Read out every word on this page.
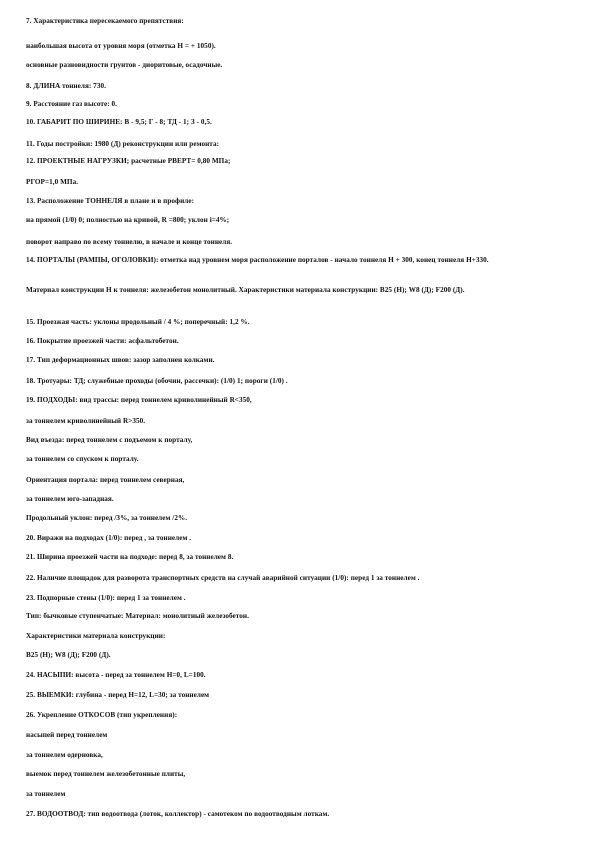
7. Характеристика пересекаемого препятствия:
наибольшая высота от уровня моря (отметка Н = + 1050).
основные разновидности грунтов - диоритовые, осадочные.
8. ДЛИНА тоннеля: 730.
9. Расстояние газ высоте: 0.
10. ГАБАРИТ ПО ШИРИНЕ: В - 9,5; Г - 8; ТД - 1; З - 0,5.
11. Годы постройки: 1980 (Д) реконструкции или ремонта:
12. ПРОЕКТНЫЕ НАГРУЗКИ; расчетные РВЕРТ= 0,80 МПа;
РГОР=1,0 МПа.
13. Расположение ТОННЕЛЯ в плане и в профиле:
на прямой (1/0) 0; полностью на кривой, R =800; уклон i=4%;
поворот направо по всему тоннелю, в начале и конце тоннеля.
14. ПОРТАЛЫ (РАМПЫ, ОГОЛОВКИ): отметка над уровнем моря расположение порталов - начало тоннеля Н + 300, конец тоннеля Н+330.
Материал конструкции Н к тоннеля: железобетон монолитный. Характеристики материала конструкции: В25 (Н); W8 (Д); F200 (Д).
15. Проезжая часть: уклоны продольный / 4 %; поперечный: 1,2 %.
16. Покрытие проезжей части: асфальтобетон.
17. Тип деформационных швов: зазор заполнен колками.
18. Тротуары: ТД; служебные проходы (обочин, рассечки): (1/0) 1; пороги (1/0) .
19. ПОДХОДЫ: вид трассы: перед тоннелем криволинейный R<350,
за тоннелем криволинейный R>350.
Вид въезда: перед тоннелем с подъемом к порталу,
за тоннелем со спуском к порталу.
Ориентация портала: перед тоннелем северная,
за тоннелем юго-западная.
Продольный уклон: перед /3%, за тоннелем /2%.
20. Виражи на подходах (1/0): перед , за тоннелем .
21. Ширина проезжей части на подходе: перед 8, за тоннелем 8.
22. Наличие площадок для разворота транспортных средств на случай аварийной ситуации (1/0): перед 1 за тоннелем .
23. Подпорные стены (1/0): перед 1 за тоннелем .
Тип: бычковые ступенчатые: Материал: монолитный железобетон.
Характеристики материала конструкции:
В25 (Н); W8 (Д); F200 (Д).
24. НАСЫПИ: высота - перед за тоннелем Н=0, L=100.
25. ВЫЕМКИ: глубина - перед Н=12, L=30; за тоннелем
26. Укрепление ОТКОСОВ (тип укрепления):
насыпей перед тоннелем
за тоннелем одерновка,
выемок перед тоннелем железобетонные плиты,
за тоннелем
27. ВОДООТВОД: тип водоотвода (лоток, коллектор) - самотеком по водоотводным лоткам.
